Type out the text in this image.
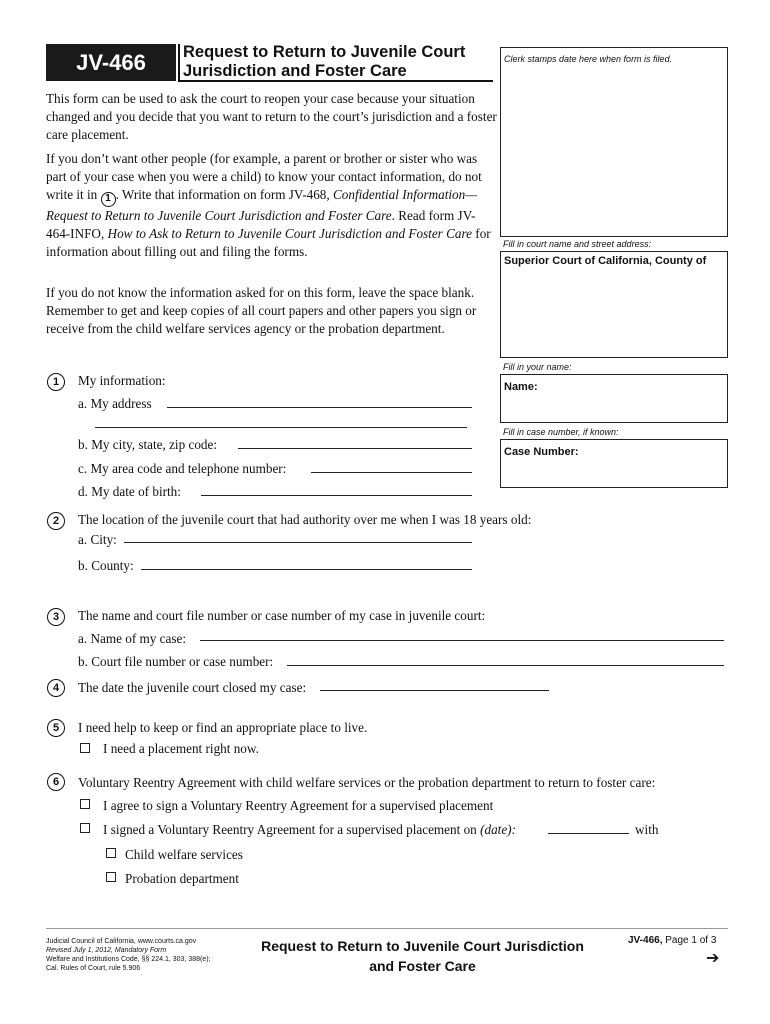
JV-466	Request to Return to Juvenile Court
Jurisdiction and Foster Care
This form can be used to ask the court to reopen your case because your situation changed and you decide that you want to return to the court’s jurisdiction and a foster care placement.
If you don’t want other people (for example, a parent or brother or sister who was part of your case when you were a child) to know your contact information, do not write it in 1 . Write that information on form JV-468, Confidential Information—Request to Return to Juvenile Court Jurisdiction and Foster Care. Read form JV-464-INFO, How to Ask to Return to Juvenile Court Jurisdiction and Foster Care for information about filling out and filing the forms.
If you do not know the information asked for on this form, leave the space blank. Remember to get and keep copies of all court papers and other papers you sign or receive from the child welfare services agency or the probation department.
Clerk stamps date here when form is filed.
Fill in court name and street address:
Superior Court of California, County of
Fill in your name:
Name:
Fill in case number, if known:
Case Number:
1	My information:
a. My address
b. My city, state, zip code:
c. My area code and telephone number:
d. My date of birth:
2	The location of the juvenile court that had authority over me when I was 18 years old:
a. City:
b. County:
3	The name and court file number or case number of my case in juvenile court:
a. Name of my case:
b. Court file number or case number:
4	The date the juvenile court closed my case:
5	I need help to keep or find an appropriate place to live.
I need a placement right now.
6	Voluntary Reentry Agreement with child welfare services or the probation department to return to foster care:
I agree to sign a Voluntary Reentry Agreement for a supervised placement
I signed a Voluntary Reentry Agreement for a supervised placement on (date):	with
Child welfare services
Probation department
Judicial Council of California, www.courts.ca.gov
Revised July 1, 2012, Mandatory Form
Welfare and Institutions Code, §§ 224.1, 303, 388(e);
Cal. Rules of Court, rule 5.906
Request to Return to Juvenile Court Jurisdiction
and Foster Care
JV-466, Page 1 of 3
➔
